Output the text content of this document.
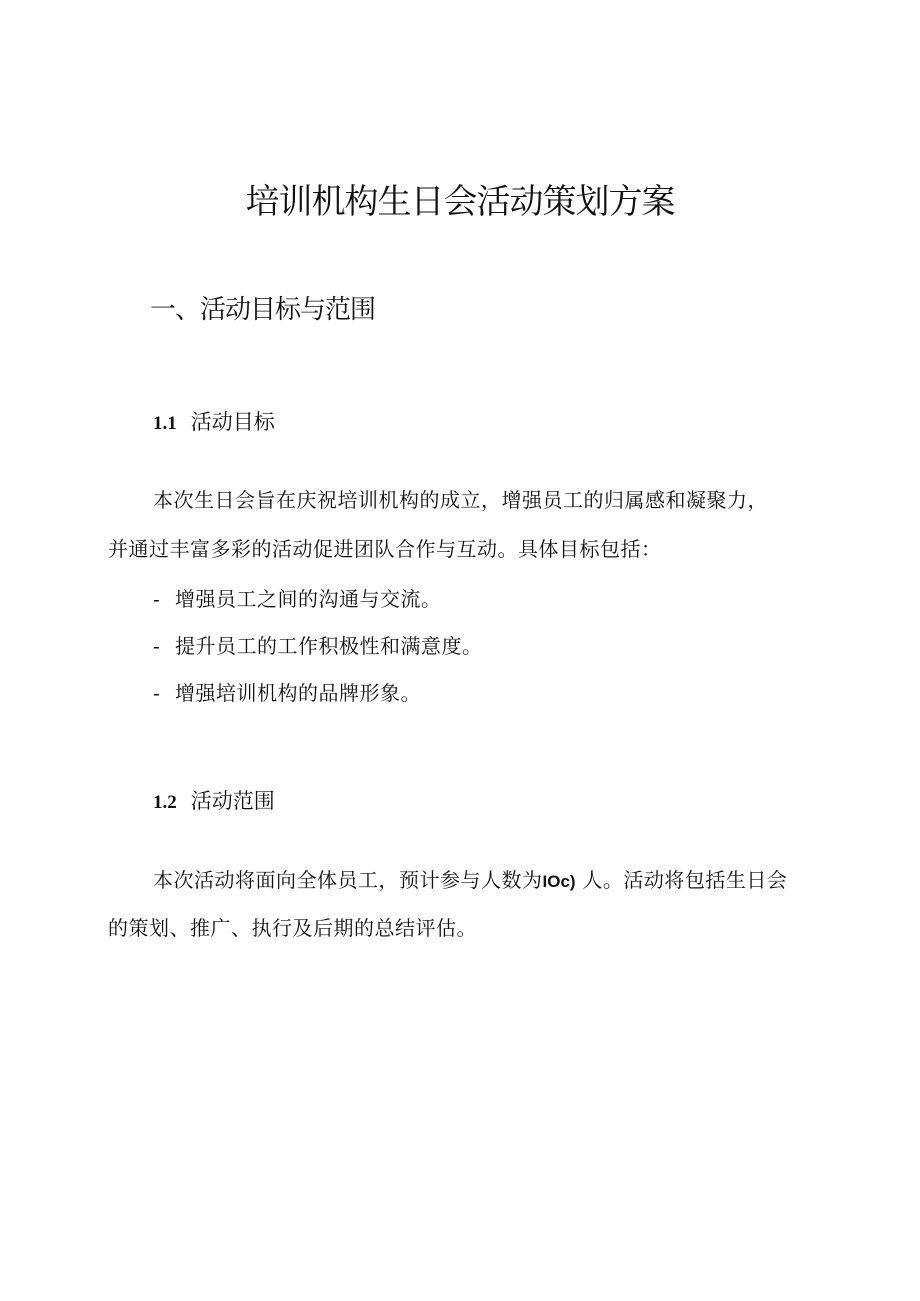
培训机构生日会活动策划方案
一、活动目标与范围
1.1 活动目标

本次生日会旨在庆祝培训机构的成立，增强员工的归属感和凝聚力，

并通过丰富多彩的活动促进团队合作与互动。具体目标包括：

- 增强员工之间的沟通与交流。
- 提升员工的工作积极性和满意度。
- 增强培训机构的品牌形象。
1.2 活动范围

本次活动将面向全体员工，预计参与人数为IOc) 人。活动将包括生日会

的策划、推广、执行及后期的总结评估。
